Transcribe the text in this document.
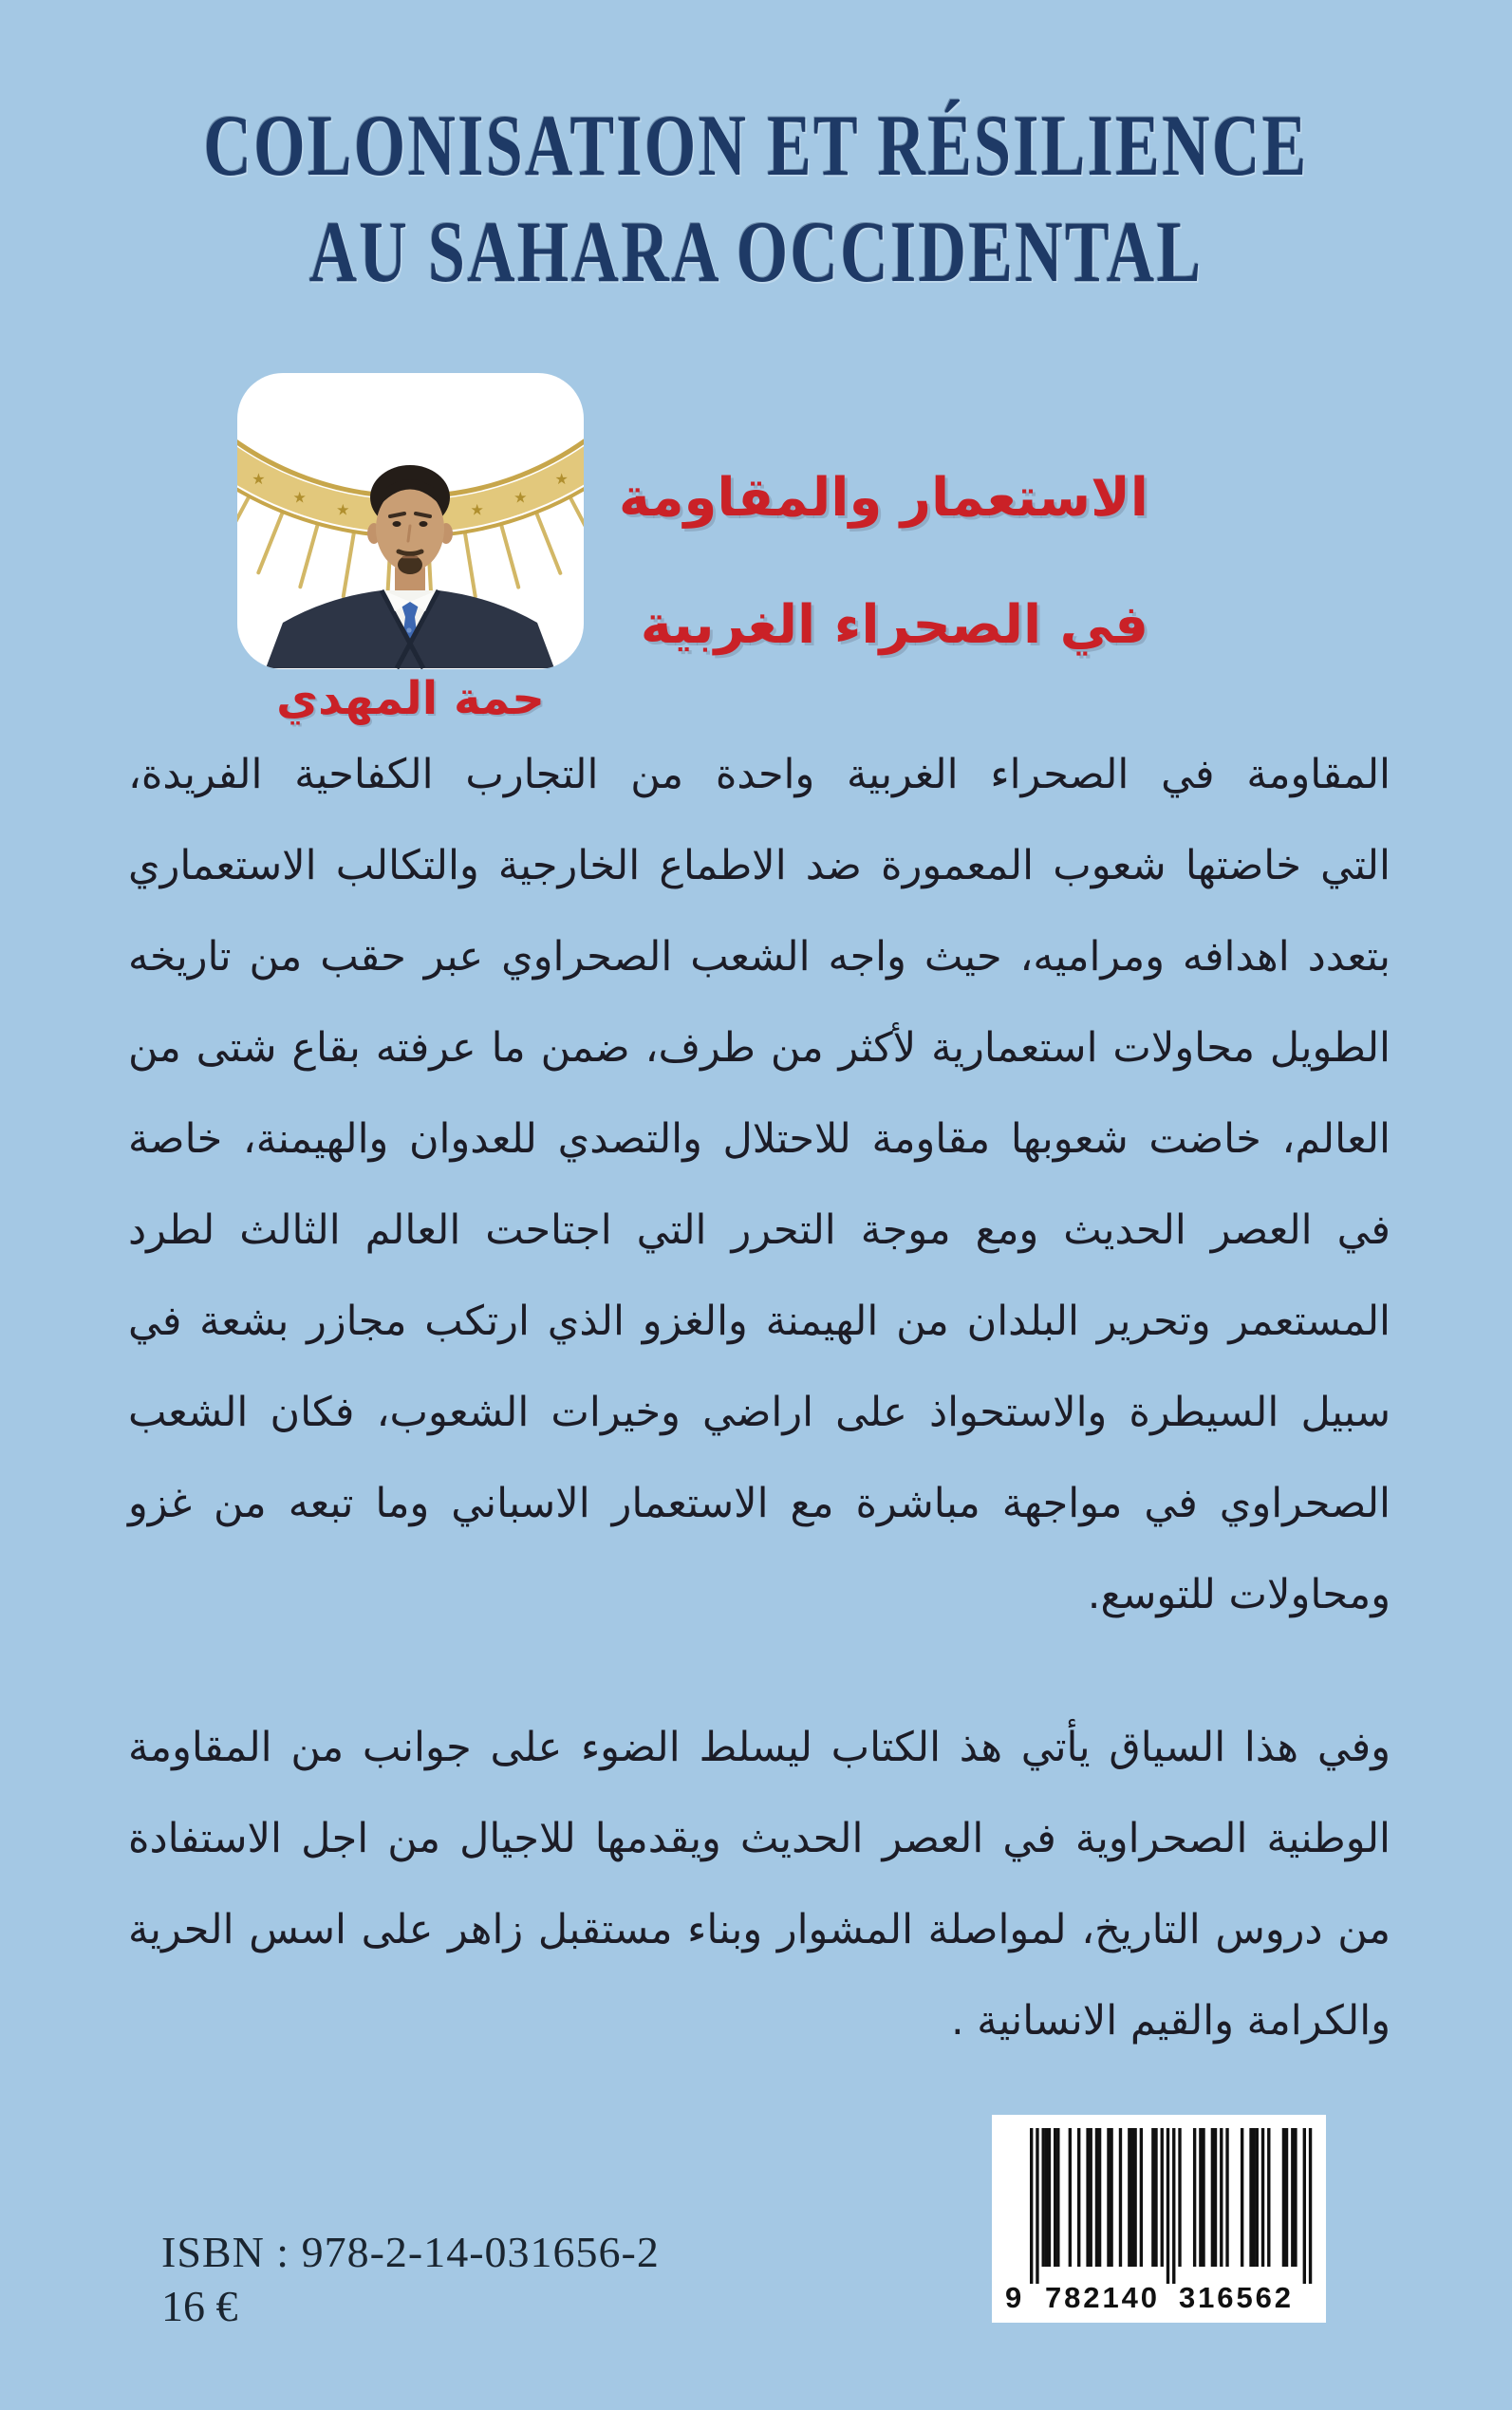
COLONISATION ET RÉSILIENCE
AU SAHARA OCCIDENTAL
★
★
★
★
★
★
حمة المهدي
الاستعمار والمقاومة
في الصحراء الغربية
المقاومة في الصحراء الغربية واحدة من التجارب الكفاحية الفريدة،
التي خاضتها شعوب المعمورة ضد الاطماع الخارجية والتكالب الاستعماري
بتعدد اهدافه ومراميه، حيث واجه الشعب الصحراوي عبر حقب من تاريخه
الطويل محاولات استعمارية لأكثر من طرف، ضمن ما عرفته بقاع شتى من
العالم، خاضت شعوبها مقاومة للاحتلال والتصدي للعدوان والهيمنة، خاصة
في العصر الحديث ومع موجة التحرر التي اجتاحت العالم الثالث لطرد
المستعمر وتحرير البلدان من الهيمنة والغزو الذي ارتكب مجازر بشعة في
سبيل السيطرة والاستحواذ على اراضي وخيرات الشعوب، فكان الشعب
الصحراوي في مواجهة مباشرة مع الاستعمار الاسباني وما تبعه من غزو
ومحاولات للتوسع.
وفي هذا السياق يأتي هذ الكتاب ليسلط الضوء على جوانب من المقاومة
الوطنية الصحراوية في العصر الحديث ويقدمها للاجيال من اجل الاستفادة
من دروس التاريخ، لمواصلة المشوار وبناء مستقبل زاهر على اسس الحرية
والكرامة والقيم الانسانية .
ISBN : 978-2-14-031656-2
16 €	9 782140 316562
